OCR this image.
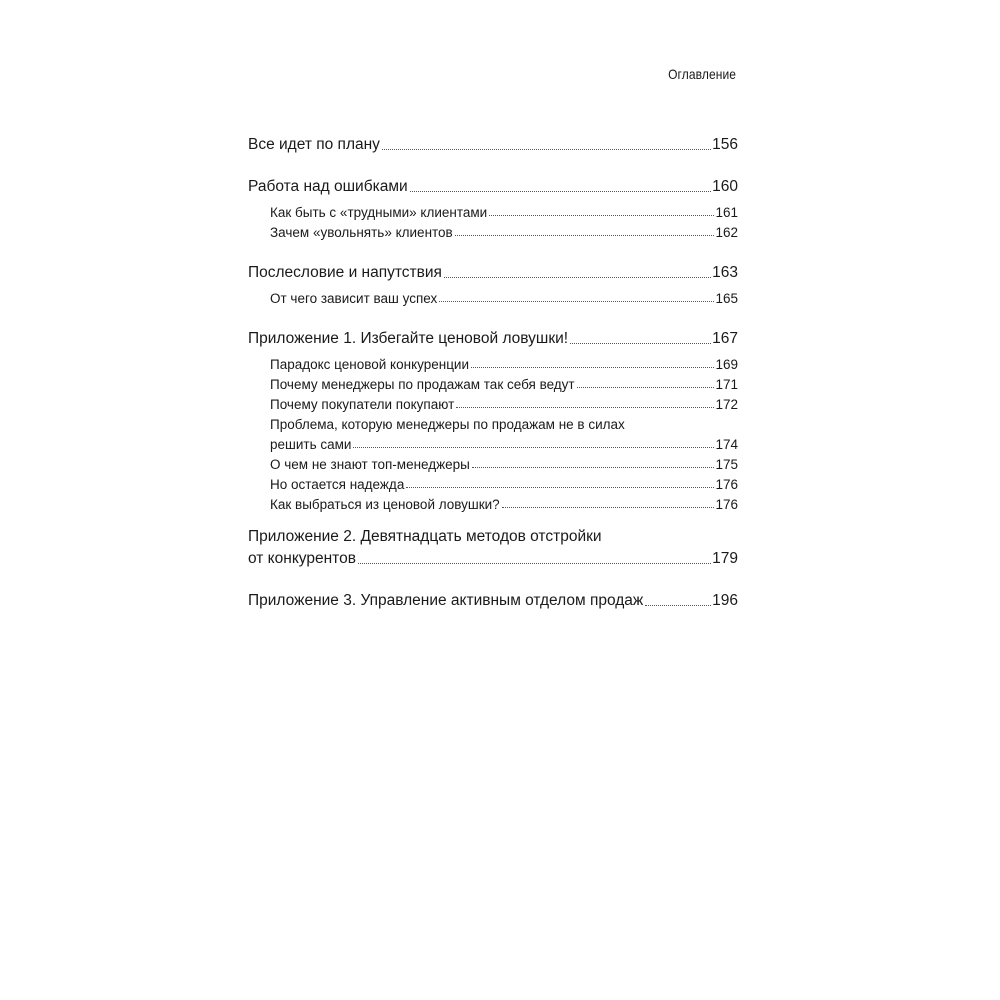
Оглавление
Все идет по плану	156
Работа над ошибками	160
Как быть с «трудными» клиентами	161
Зачем «увольнять» клиентов	162
Послесловие и напутствия	163
От чего зависит ваш успех	165
Приложение 1. Избегайте ценовой ловушки!	167
Парадокс ценовой конкуренции	169
Почему менеджеры по продажам так себя ведут	171
Почему покупатели покупают	172
Проблема, которую менеджеры по продажам не в силах
решить сами	174
О чем не знают топ-менеджеры	175
Но остается надежда	176
Как выбраться из ценовой ловушки?	176
Приложение 2. Девятнадцать методов отстройки
от конкурентов	179
Приложение 3. Управление активным отделом продаж	196
